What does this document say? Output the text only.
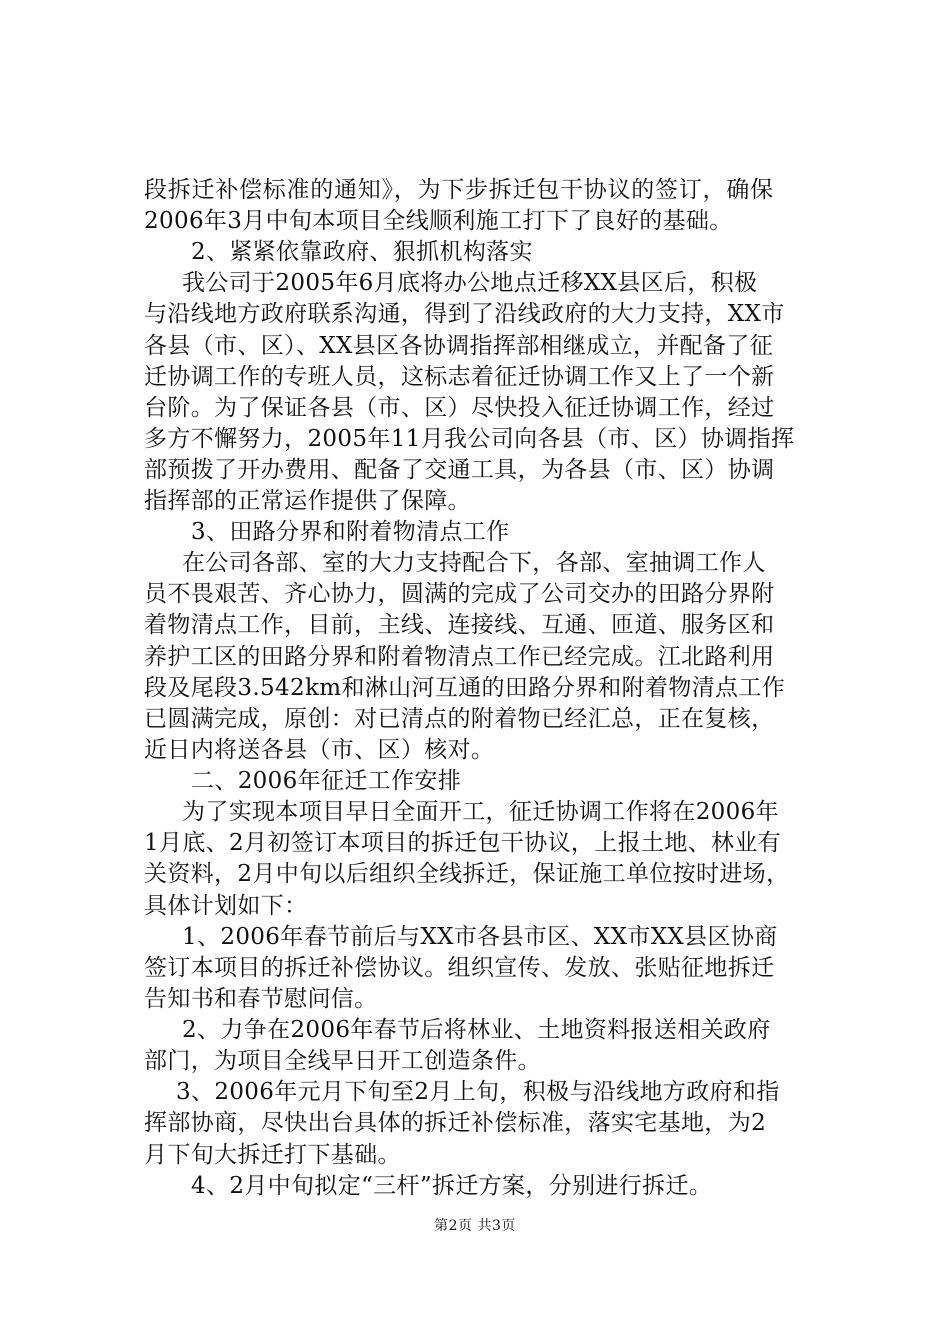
段拆迁补偿标准的通知》，为下步拆迁包干协议的签订，确保
2006年3月中旬本项目全线顺利施工打下了良好的基础。
2、紧紧依靠政府、狠抓机构落实
我公司于2005年6月底将办公地点迁移XX县区后，积极
与沿线地方政府联系沟通，得到了沿线政府的大力支持，XX市
各县（市、区）、XX县区各协调指挥部相继成立，并配备了征
迁协调工作的专班人员，这标志着征迁协调工作又上了一个新
台阶。为了保证各县（市、区）尽快投入征迁协调工作，经过
多方不懈努力，2005年11月我公司向各县（市、区）协调指挥
部预拨了开办费用、配备了交通工具，为各县（市、区）协调
指挥部的正常运作提供了保障。
3、田路分界和附着物清点工作
在公司各部、室的大力支持配合下，各部、室抽调工作人
员不畏艰苦、齐心协力，圆满的完成了公司交办的田路分界附
着物清点工作，目前，主线、连接线、互通、匝道、服务区和
养护工区的田路分界和附着物清点工作已经完成。江北路利用
段及尾段3.542km和淋山河互通的田路分界和附着物清点工作
已圆满完成，原创：对已清点的附着物已经汇总，正在复核，
近日内将送各县（市、区）核对。
二、2006年征迁工作安排
为了实现本项目早日全面开工，征迁协调工作将在2006年
1月底、2月初签订本项目的拆迁包干协议，上报土地、林业有
关资料，2月中旬以后组织全线拆迁，保证施工单位按时进场，
具体计划如下：
1、2006年春节前后与XX市各县市区、XX市XX县区协商
签订本项目的拆迁补偿协议。组织宣传、发放、张贴征地拆迁
告知书和春节慰问信。
2、力争在2006年春节后将林业、土地资料报送相关政府
部门，为项目全线早日开工创造条件。
3、2006年元月下旬至2月上旬，积极与沿线地方政府和指
挥部协商，尽快出台具体的拆迁补偿标准，落实宅基地，为2
月下旬大拆迁打下基础。
4、2月中旬拟定“三杆”拆迁方案，分别进行拆迁。
第2页 共3页
